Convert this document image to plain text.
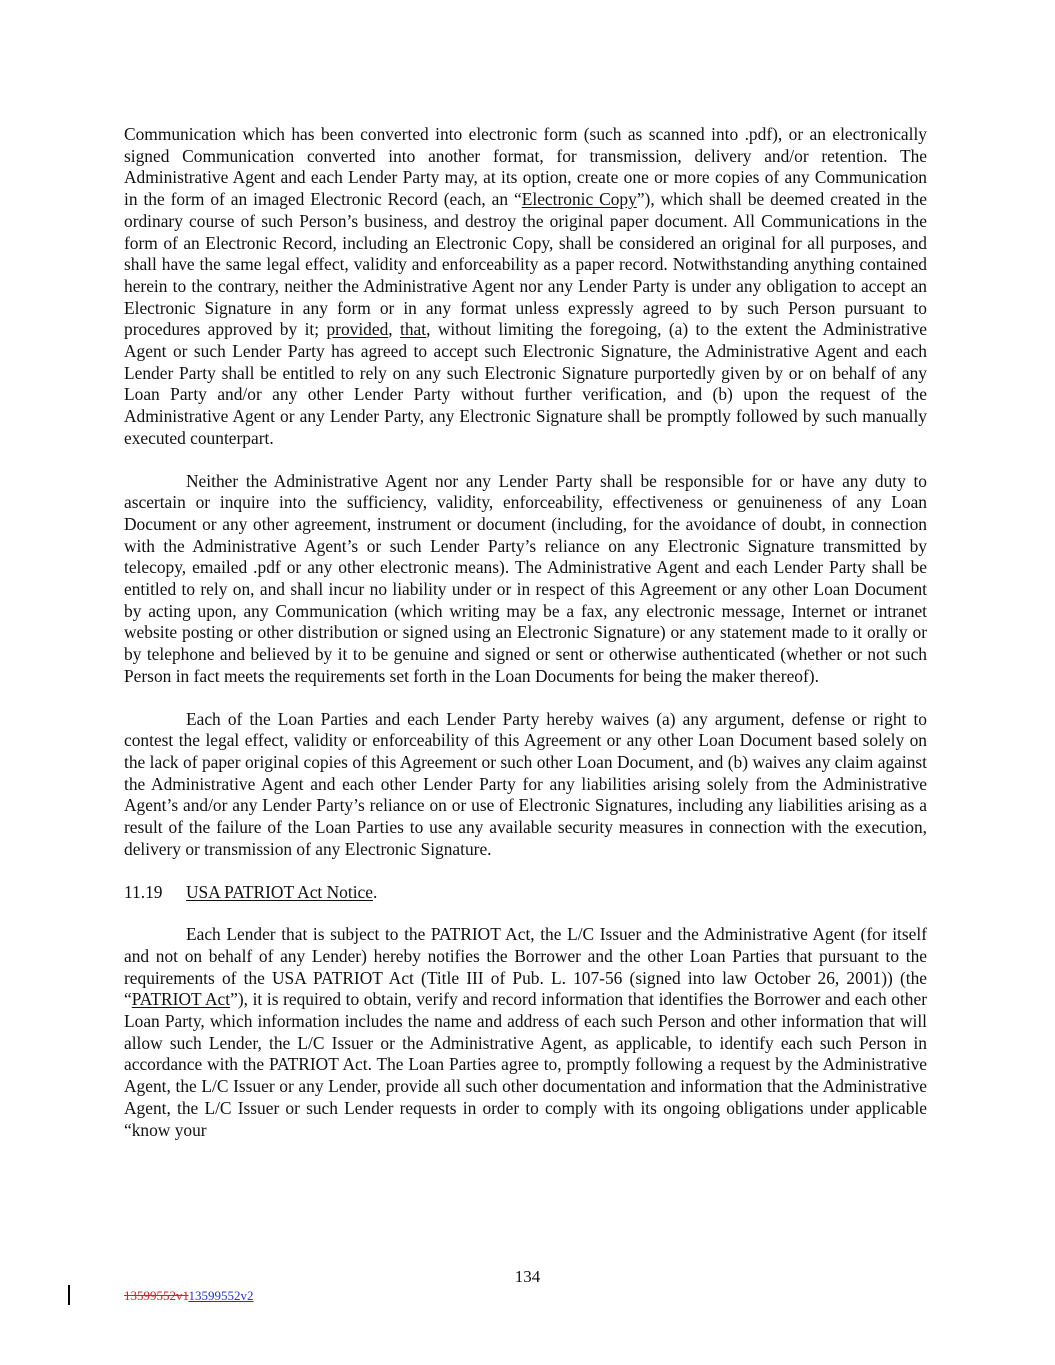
Communication which has been converted into electronic form (such as scanned into .pdf), or an electronically signed Communication converted into another format, for transmission, delivery and/or retention. The Administrative Agent and each Lender Party may, at its option, create one or more copies of any Communication in the form of an imaged Electronic Record (each, an “Electronic Copy”), which shall be deemed created in the ordinary course of such Person’s business, and destroy the original paper document. All Communications in the form of an Electronic Record, including an Electronic Copy, shall be considered an original for all purposes, and shall have the same legal effect, validity and enforceability as a paper record. Notwithstanding anything contained herein to the contrary, neither the Administrative Agent nor any Lender Party is under any obligation to accept an Electronic Signature in any form or in any format unless expressly agreed to by such Person pursuant to procedures approved by it; provided, that, without limiting the foregoing, (a) to the extent the Administrative Agent or such Lender Party has agreed to accept such Electronic Signature, the Administrative Agent and each Lender Party shall be entitled to rely on any such Electronic Signature purportedly given by or on behalf of any Loan Party and/or any other Lender Party without further verification, and (b) upon the request of the Administrative Agent or any Lender Party, any Electronic Signature shall be promptly followed by such manually executed counterpart.

Neither the Administrative Agent nor any Lender Party shall be responsible for or have any duty to ascertain or inquire into the sufficiency, validity, enforceability, effectiveness or genuineness of any Loan Document or any other agreement, instrument or document (including, for the avoidance of doubt, in connection with the Administrative Agent’s or such Lender Party’s reliance on any Electronic Signature transmitted by telecopy, emailed .pdf or any other electronic means). The Administrative Agent and each Lender Party shall be entitled to rely on, and shall incur no liability under or in respect of this Agreement or any other Loan Document by acting upon, any Communication (which writing may be a fax, any electronic message, Internet or intranet website posting or other distribution or signed using an Electronic Signature) or any statement made to it orally or by telephone and believed by it to be genuine and signed or sent or otherwise authenticated (whether or not such Person in fact meets the requirements set forth in the Loan Documents for being the maker thereof).

Each of the Loan Parties and each Lender Party hereby waives (a) any argument, defense or right to contest the legal effect, validity or enforceability of this Agreement or any other Loan Document based solely on the lack of paper original copies of this Agreement or such other Loan Document, and (b) waives any claim against the Administrative Agent and each other Lender Party for any liabilities arising solely from the Administrative Agent’s and/or any Lender Party’s reliance on or use of Electronic Signatures, including any liabilities arising as a result of the failure of the Loan Parties to use any available security measures in connection with the execution, delivery or transmission of any Electronic Signature.

11.19 USA PATRIOT Act Notice.

Each Lender that is subject to the PATRIOT Act, the L/C Issuer and the Administrative Agent (for itself and not on behalf of any Lender) hereby notifies the Borrower and the other Loan Parties that pursuant to the requirements of the USA PATRIOT Act (Title III of Pub. L. 107-56 (signed into law October 26, 2001)) (the “PATRIOT Act”), it is required to obtain, verify and record information that identifies the Borrower and each other Loan Party, which information includes the name and address of each such Person and other information that will allow such Lender, the L/C Issuer or the Administrative Agent, as applicable, to identify each such Person in accordance with the PATRIOT Act. The Loan Parties agree to, promptly following a request by the Administrative Agent, the L/C Issuer or any Lender, provide all such other documentation and information that the Administrative Agent, the L/C Issuer or such Lender requests in order to comply with its ongoing obligations under applicable “know your

134
13599552v113599552v2
